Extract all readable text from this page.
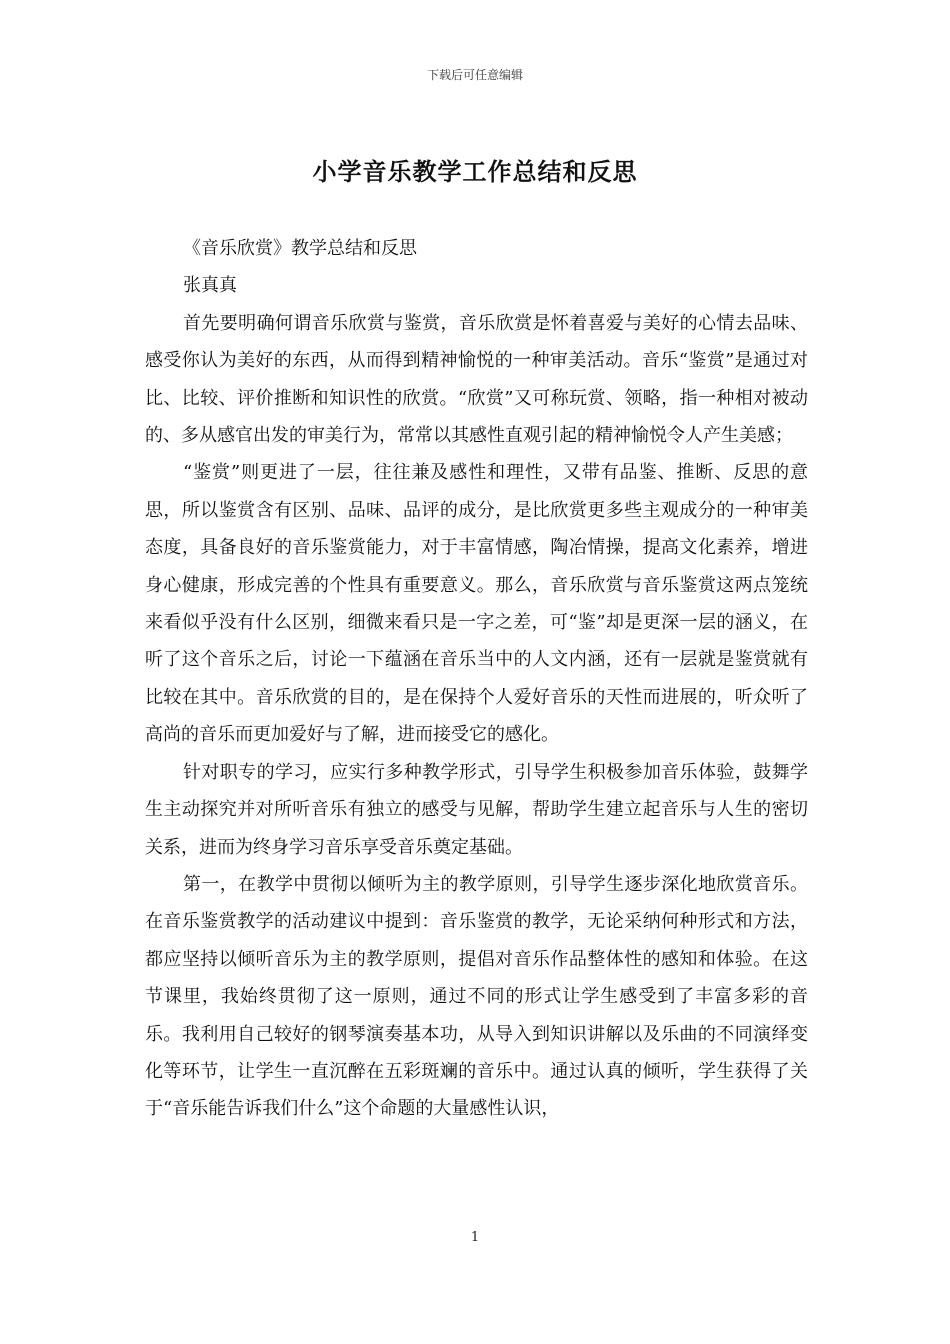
下载后可任意编辑
小学音乐教学工作总结和反思

《音乐欣赏》教学总结和反思

张真真

首先要明确何谓音乐欣赏与鉴赏，音乐欣赏是怀着喜爱与美好的心情去品味、感受你认为美好的东西，从而得到精神愉悦的一种审美活动。音乐“鉴赏”是通过对比、比较、评价推断和知识性的欣赏。“欣赏”又可称玩赏、领略，指一种相对被动的、多从感官出发的审美行为，常常以其感性直观引起的精神愉悦令人产生美感；

“鉴赏”则更进了一层，往往兼及感性和理性，又带有品鉴、推断、反思的意思，所以鉴赏含有区别、品味、品评的成分，是比欣赏更多些主观成分的一种审美态度，具备良好的音乐鉴赏能力，对于丰富情感，陶冶情操，提高文化素养，增进身心健康，形成完善的个性具有重要意义。那么，音乐欣赏与音乐鉴赏这两点笼统来看似乎没有什么区别，细微来看只是一字之差，可“鉴”却是更深一层的涵义，在听了这个音乐之后，讨论一下蕴涵在音乐当中的人文内涵，还有一层就是鉴赏就有比较在其中。音乐欣赏的目的，是在保持个人爱好音乐的天性而进展的，听众听了高尚的音乐而更加爱好与了解，进而接受它的感化。

针对职专的学习，应实行多种教学形式，引导学生积极参加音乐体验，鼓舞学生主动探究并对所听音乐有独立的感受与见解，帮助学生建立起音乐与人生的密切关系，进而为终身学习音乐享受音乐奠定基础。

第一，在教学中贯彻以倾听为主的教学原则，引导学生逐步深化地欣赏音乐。在音乐鉴赏教学的活动建议中提到：音乐鉴赏的教学，无论采纳何种形式和方法，都应坚持以倾听音乐为主的教学原则，提倡对音乐作品整体性的感知和体验。在这节课里，我始终贯彻了这一原则，通过不同的形式让学生感受到了丰富多彩的音乐。我利用自己较好的钢琴演奏基本功，从导入到知识讲解以及乐曲的不同演绎变化等环节，让学生一直沉醉在五彩斑斓的音乐中。通过认真的倾听，学生获得了关于“音乐能告诉我们什么”这个命题的大量感性认识，

1
